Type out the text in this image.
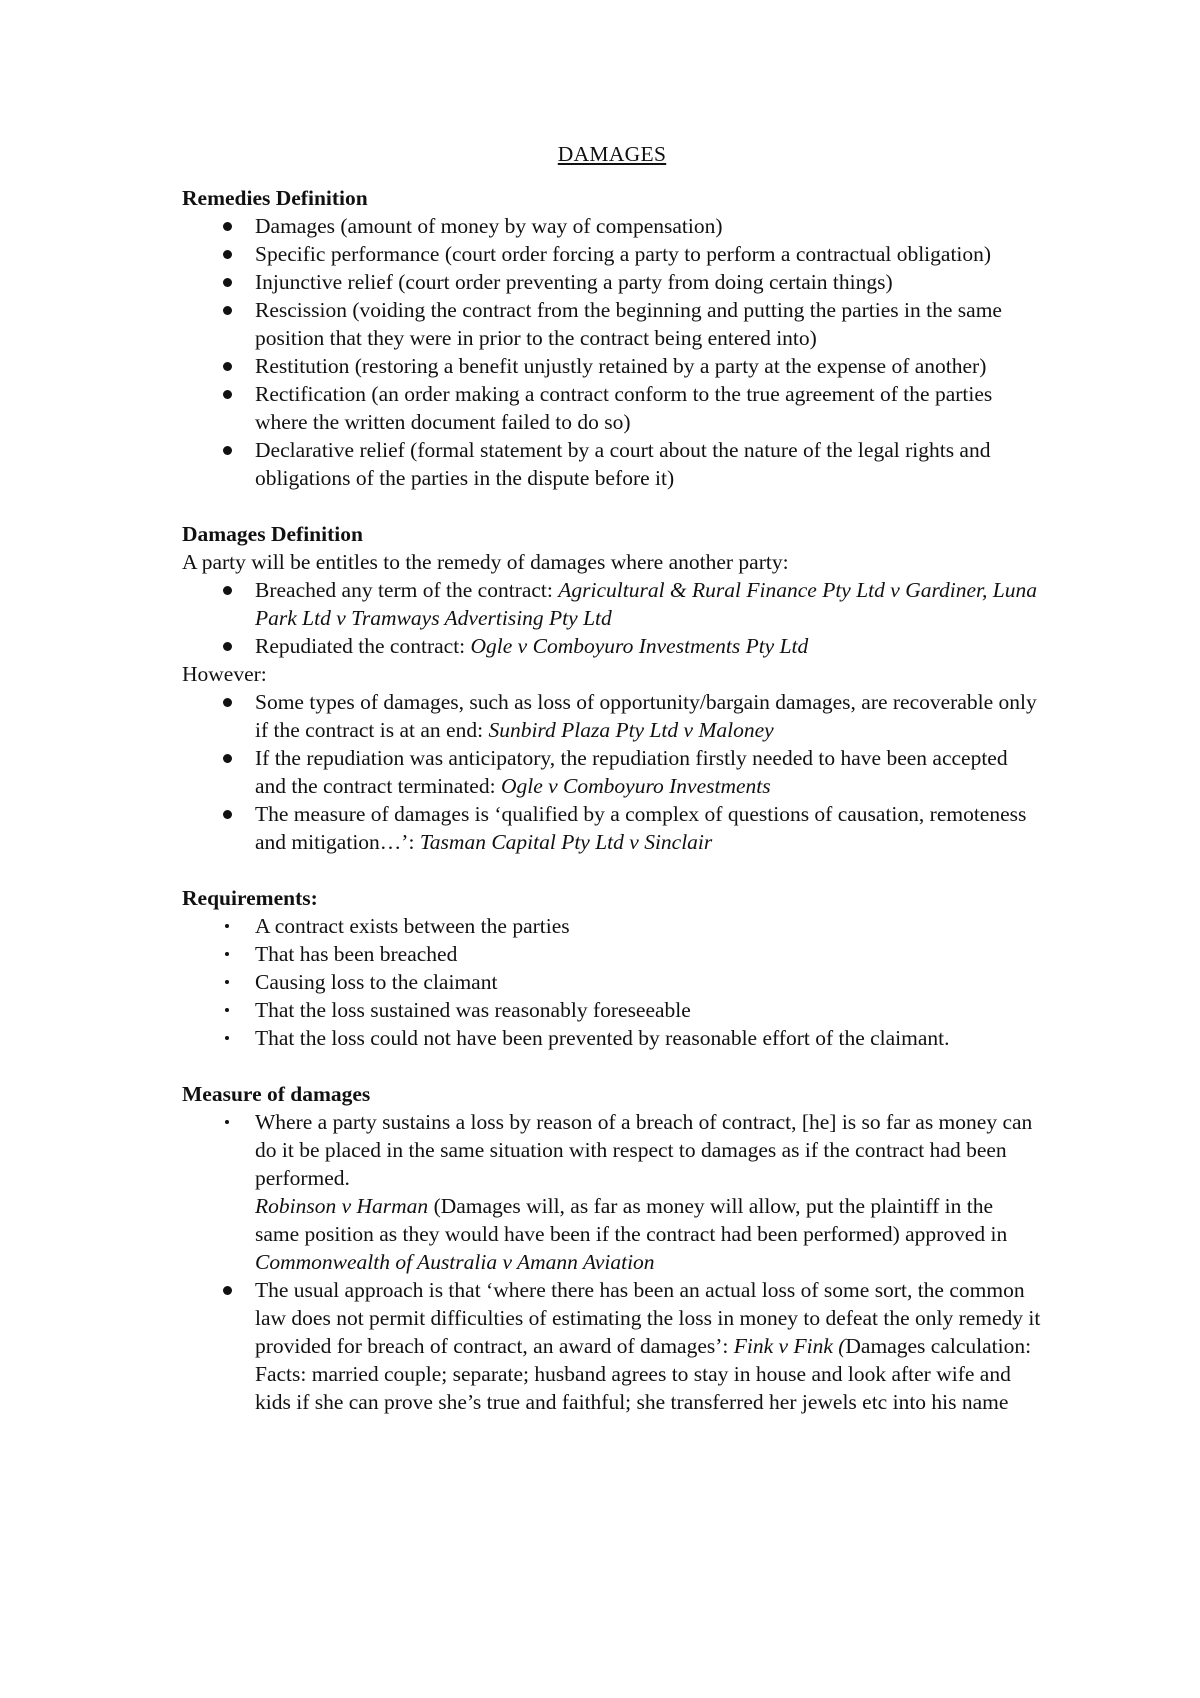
DAMAGES

Remedies Definition

Damages (amount of money by way of compensation)
Specific performance (court order forcing a party to perform a contractual obligation)
Injunctive relief (court order preventing a party from doing certain things)
Rescission (voiding the contract from the beginning and putting the parties in the same position that they were in prior to the contract being entered into)
Restitution (restoring a benefit unjustly retained by a party at the expense of another)
Rectification (an order making a contract conform to the true agreement of the parties where the written document failed to do so)
Declarative relief (formal statement by a court about the nature of the legal rights and obligations of the parties in the dispute before it)

Damages Definition

A party will be entitles to the remedy of damages where another party:

Breached any term of the contract: Agricultural & Rural Finance Pty Ltd v Gardiner, Luna Park Ltd v Tramways Advertising Pty Ltd
Repudiated the contract: Ogle v Comboyuro Investments Pty Ltd

However:

Some types of damages, such as loss of opportunity/bargain damages, are recoverable only if the contract is at an end: Sunbird Plaza Pty Ltd v Maloney
If the repudiation was anticipatory, the repudiation firstly needed to have been accepted and the contract terminated: Ogle v Comboyuro Investments
The measure of damages is ‘qualified by a complex of questions of causation, remoteness and mitigation…’: Tasman Capital Pty Ltd v Sinclair

Requirements:

A contract exists between the parties
That has been breached
Causing loss to the claimant
That the loss sustained was reasonably foreseeable
That the loss could not have been prevented by reasonable effort of the claimant.

Measure of damages

Where a party sustains a loss by reason of a breach of contract, [he] is so far as money can do it be placed in the same situation with respect to damages as if the contract had been performed.

Robinson v Harman (Damages will, as far as money will allow, put the plaintiff in the same position as they would have been if the contract had been performed) approved in Commonwealth of Australia v Amann Aviation

The usual approach is that ‘where there has been an actual loss of some sort, the common law does not permit difficulties of estimating the loss in money to defeat the only remedy it provided for breach of contract, an award of damages’: Fink v Fink (Damages calculation: Facts: married couple; separate; husband agrees to stay in house and look after wife and kids if she can prove she’s true and faithful; she transferred her jewels etc into his name
